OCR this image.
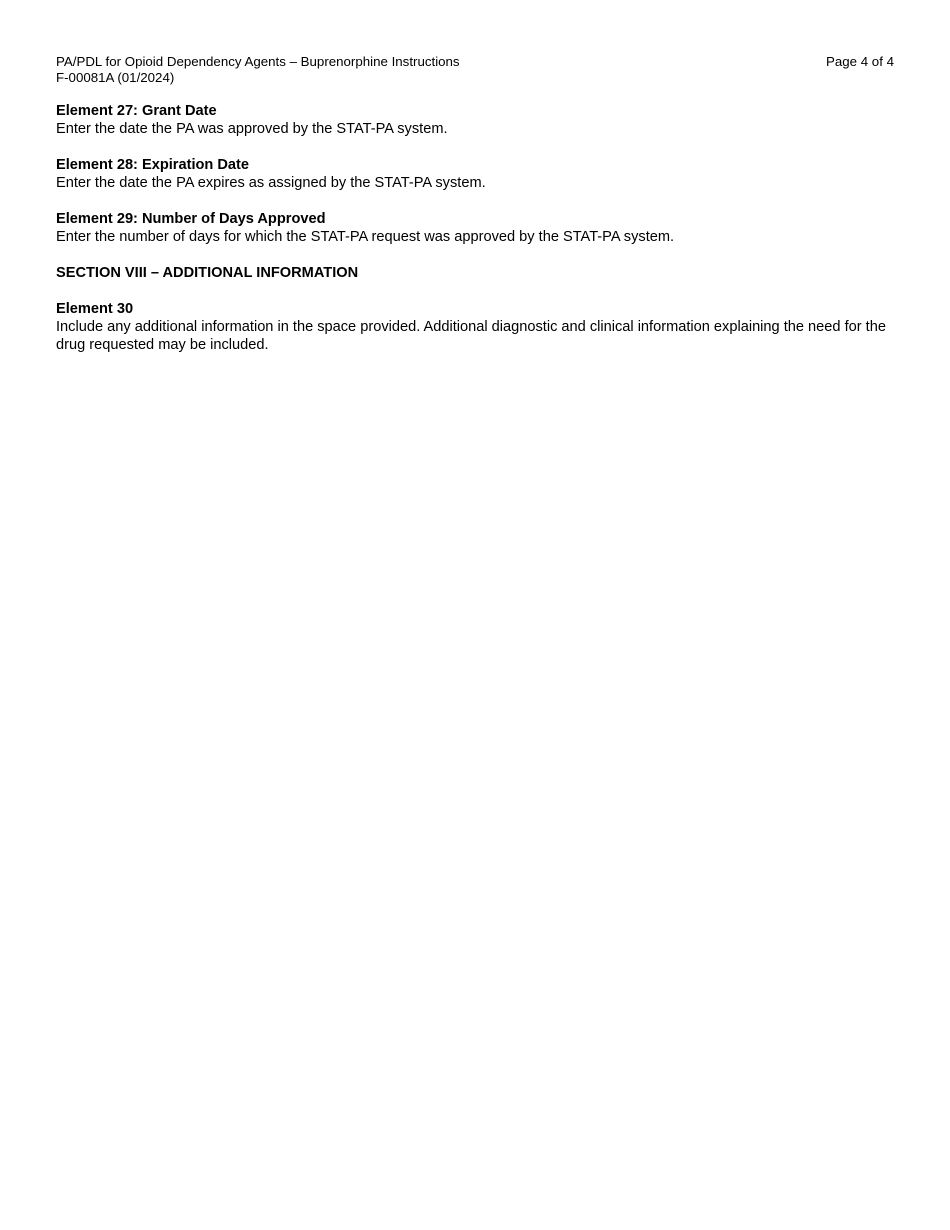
PA/PDL for Opioid Dependency Agents – Buprenorphine Instructions
F-00081A (01/2024)
Page 4 of 4
Element 27: Grant Date
Enter the date the PA was approved by the STAT-PA system.
Element 28: Expiration Date
Enter the date the PA expires as assigned by the STAT-PA system.
Element 29: Number of Days Approved
Enter the number of days for which the STAT-PA request was approved by the STAT-PA system.
SECTION VIII – ADDITIONAL INFORMATION
Element 30
Include any additional information in the space provided. Additional diagnostic and clinical information explaining the need for the drug requested may be included.
